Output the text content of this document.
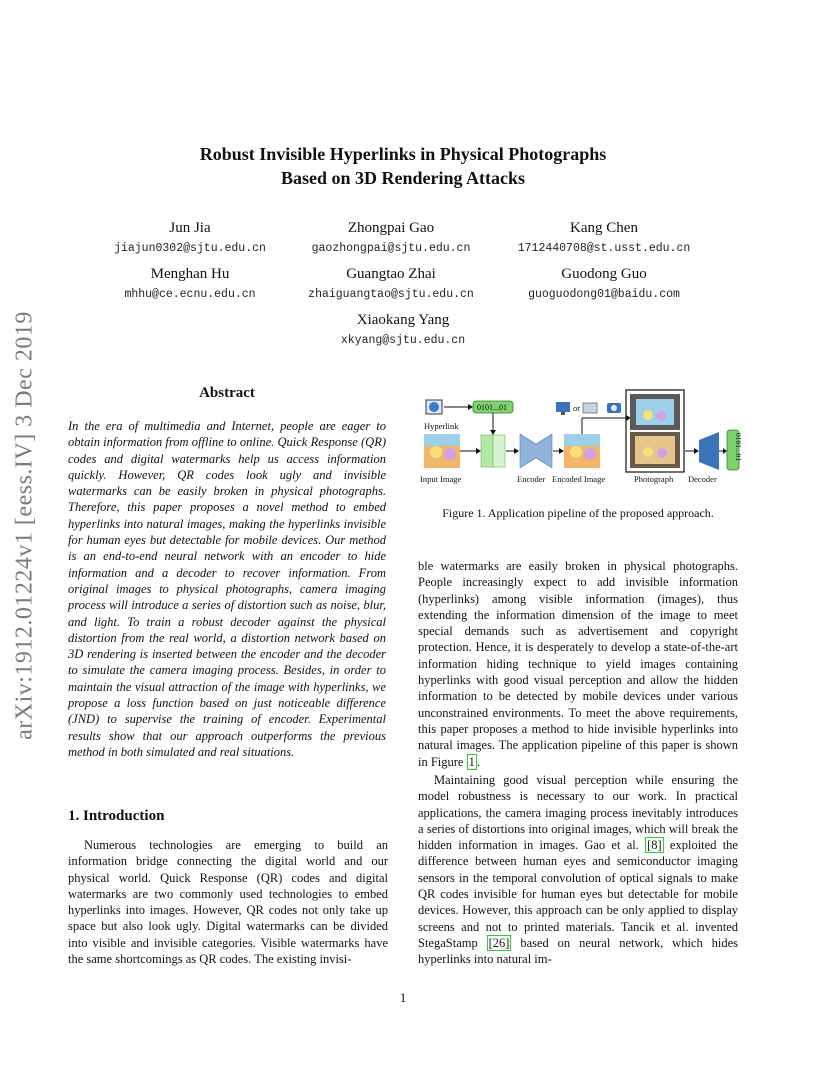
Robust Invisible Hyperlinks in Physical Photographs
Based on 3D Rendering Attacks
Jun Jia
jiajun0302@sjtu.edu.cn
Zhongpai Gao
gaozhongpai@sjtu.edu.cn
Kang Chen
1712440708@st.usst.edu.cn
Menghan Hu
mhhu@ce.ecnu.edu.cn
Guangtao Zhai
zhaiguangtao@sjtu.edu.cn
Guodong Guo
guoguodong01@baidu.com
Xiaokang Yang
xkyang@sjtu.edu.cn
arXiv:1912.01224v1 [eess.IV] 3 Dec 2019	Abstract
In the era of multimedia and Internet, people are eager to obtain information from offline to online. Quick Response (QR) codes and digital watermarks help us access information quickly. However, QR codes look ugly and invisible watermarks can be easily broken in physical photographs. Therefore, this paper proposes a novel method to embed hyperlinks into natural images, making the hyperlinks invisible for human eyes but detectable for mobile devices. Our method is an end-to-end neural network with an encoder to hide information and a decoder to recover information. From original images to physical photographs, camera imaging process will introduce a series of distortion such as noise, blur, and light. To train a robust decoder against the physical distortion from the real world, a distortion network based on 3D rendering is inserted between the encoder and the decoder to simulate the camera imaging process. Besides, in order to maintain the visual attraction of the image with hyperlinks, we propose a loss function based on just noticeable difference (JND) to supervise the training of encoder. Experimental results show that our approach outperforms the previous method in both simulated and real situations.
1. Introduction
Numerous technologies are emerging to build an information bridge connecting the digital world and our physical world. Quick Response (QR) codes and digital watermarks are two commonly used technologies to embed hyperlinks into images. However, QR codes not only take up space but also look ugly. Digital watermarks can be divided into visible and invisible categories. Visible watermarks have the same shortcomings as QR codes. The existing invisi-
Hyperlink
0101...01
Encoder Encoded Image
or
Photograph Decoder
0101...01
Input Image
Figure 1. Application pipeline of the proposed approach.
ble watermarks are easily broken in physical photographs. People increasingly expect to add invisible information (hyperlinks) among visible information (images), thus extending the information dimension of the image to meet special demands such as advertisement and copyright protection. Hence, it is desperately to develop a state-of-the-art information hiding technique to yield images containing hyperlinks with good visual perception and allow the hidden information to be detected by mobile devices under various unconstrained environments. To meet the above requirements, this paper proposes a method to hide invisible hyperlinks into natural images. The application pipeline of this paper is shown in Figure 1 .
Maintaining good visual perception while ensuring the model robustness is necessary to our work. In practical applications, the camera imaging process inevitably introduces a series of distortions into original images, which will break the hidden information in images. Gao et al. [8] exploited the difference between human eyes and semiconductor imaging sensors in the temporal convolution of optical signals to make QR codes invisible for human eyes but detectable for mobile devices. However, this approach can be only applied to display screens and not to printed materials. Tancik et al. invented StegaStamp [26] based on neural network, which hides hyperlinks into natural im-
1
